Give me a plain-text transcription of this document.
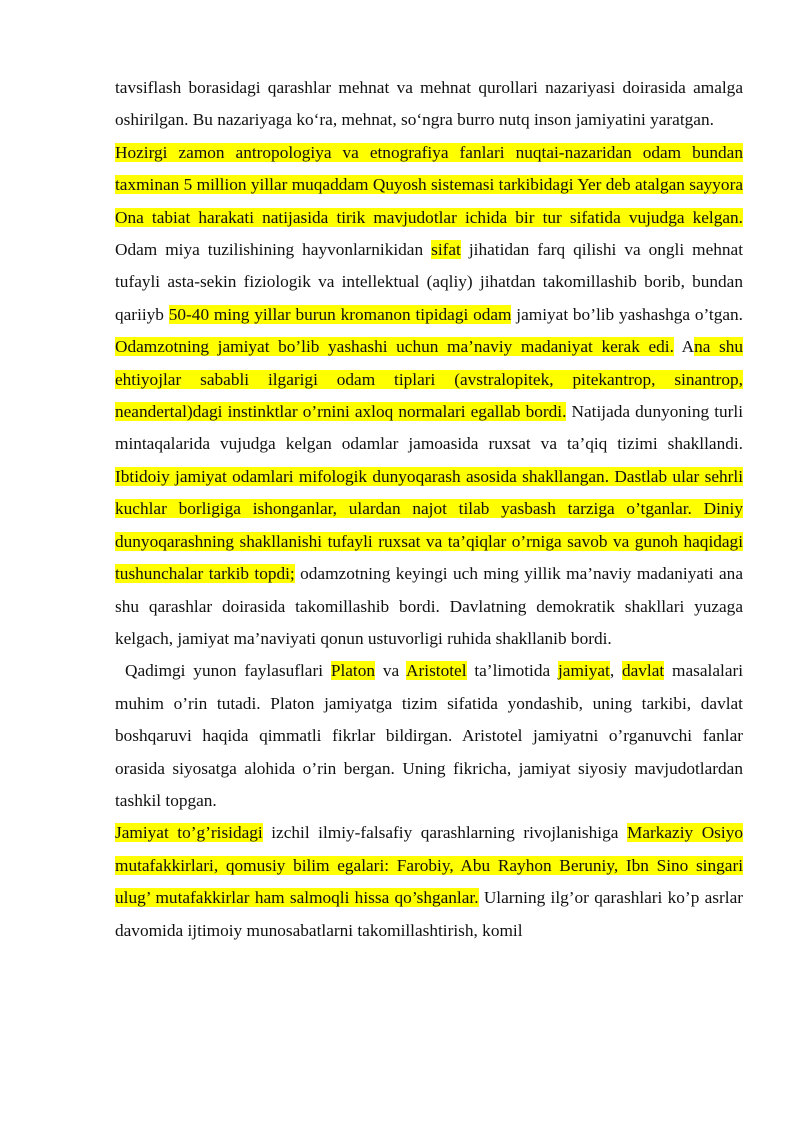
tavsiflash borasidagi qarashlar mehnat va mehnat qurollari nazariyasi doirasida amalga oshirilgan. Bu nazariyaga ko‘ra, mehnat, so‘ngra burro nutq inson jamiyatini yaratgan.

Hozirgi zamon antropologiya va etnografiya fanlari nuqtai-nazaridan odam bundan taxminan 5 million yillar muqaddam Quyosh sistemasi tarkibidagi Yer deb atalgan sayyora Ona tabiat harakati natijasida tirik mavjudotlar ichida bir tur sifatida vujudga kelgan. Odam miya tuzilishining hayvonlarnikidan sifat jihatidan farq qilishi va ongli mehnat tufayli asta-sekin fiziologik va intellektual (aqliy) jihatdan takomillashib borib, bundan qariiyb 50-40 ming yillar burun kromanon tipidagi odam jamiyat bo’lib yashashga o’tgan. Odamzotning jamiyat bo’lib yashashi uchun ma’naviy madaniyat kerak edi. Ana shu ehtiyojlar sababli ilgarigi odam tiplari (avstralopitek, pitekantrop, sinantrop, neandertal)dagi instinktlar o’rnini axloq normalari egallab bordi. Natijada dunyoning turli mintaqalarida vujudga kelgan odamlar jamoasida ruxsat va ta’qiq tizimi shakllandi. Ibtidoiy jamiyat odamlari mifologik dunyoqarash asosida shakllangan. Dastlab ular sehrli kuchlar borligiga ishonganlar, ulardan najot tilab yasbash tarziga o’tganlar. Diniy dunyoqarashning shakllanishi tufayli ruxsat va ta’qiqlar o’rniga savob va gunoh haqidagi tushunchalar tarkib topdi; odamzotning keyingi uch ming yillik ma’naviy madaniyati ana shu qarashlar doirasida takomillashib bordi. Davlatning demokratik shakllari yuzaga kelgach, jamiyat ma’naviyati qonun ustuvorligi ruhida shakllanib bordi.

Qadimgi yunon faylasuflari Platon va Aristotel ta’limotida jamiyat, davlat masalalari muhim o’rin tutadi. Platon jamiyatga tizim sifatida yondashib, uning tarkibi, davlat boshqaruvi haqida qimmatli fikrlar bildirgan. Aristotel jamiyatni o’rganuvchi fanlar orasida siyosatga alohida o’rin bergan. Uning fikricha, jamiyat siyosiy mavjudotlardan tashkil topgan.

Jamiyat to’g’risidagi izchil ilmiy-falsafiy qarashlarning rivojlanishiga Markaziy Osiyo mutafakkirlari, qomusiy bilim egalari: Farobiy, Abu Rayhon Beruniy, Ibn Sino singari ulug’ mutafakkirlar ham salmoqli hissa qo’shganlar. Ularning ilg’or qarashlari ko’p asrlar davomida ijtimoiy munosabatlarni takomillashtirish, komil
